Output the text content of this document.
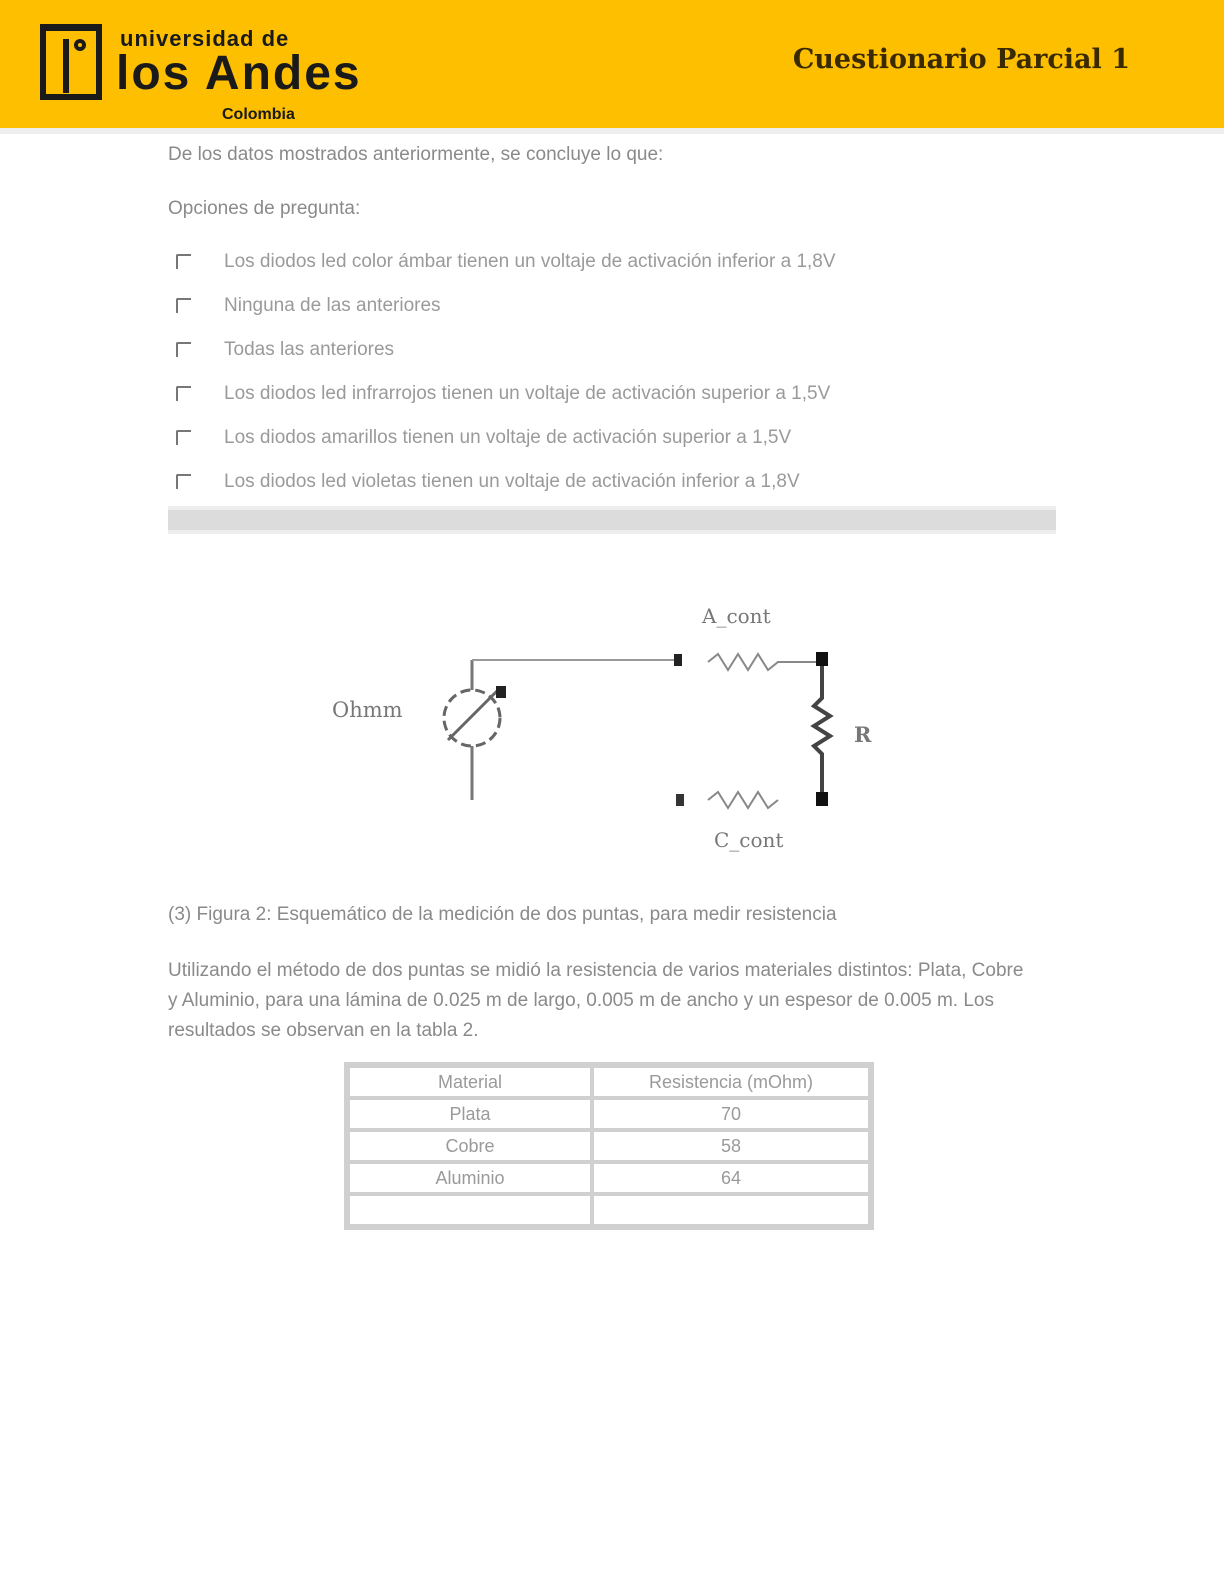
universidad de
los Andes
Colombia
Cuestionario Parcial 1
De los datos mostrados anteriormente, se concluye lo que:
Opciones de pregunta:
Los diodos led color ámbar tienen un voltaje de activación inferior a 1,8V
Ninguna de las anteriores
Todas las anteriores
Los diodos led infrarrojos tienen un voltaje de activación superior a 1,5V
Los diodos amarillos tienen un voltaje de activación superior a 1,5V
Los diodos led violetas tienen un voltaje de activación inferior a 1,8V
A_cont
C_cont
Ohmm
R
(3) Figura 2: Esquemático de la medición de dos puntas, para medir resistencia
Utilizando el método de dos puntas se midió la resistencia de varios materiales distintos: Plata, Cobre y Aluminio, para una lámina de 0.025 m de largo, 0.005 m de ancho y un espesor de 0.005 m. Los resultados se observan en la tabla 2.
Material	Resistencia (mOhm)
Plata	70
Cobre	58
Aluminio	64
